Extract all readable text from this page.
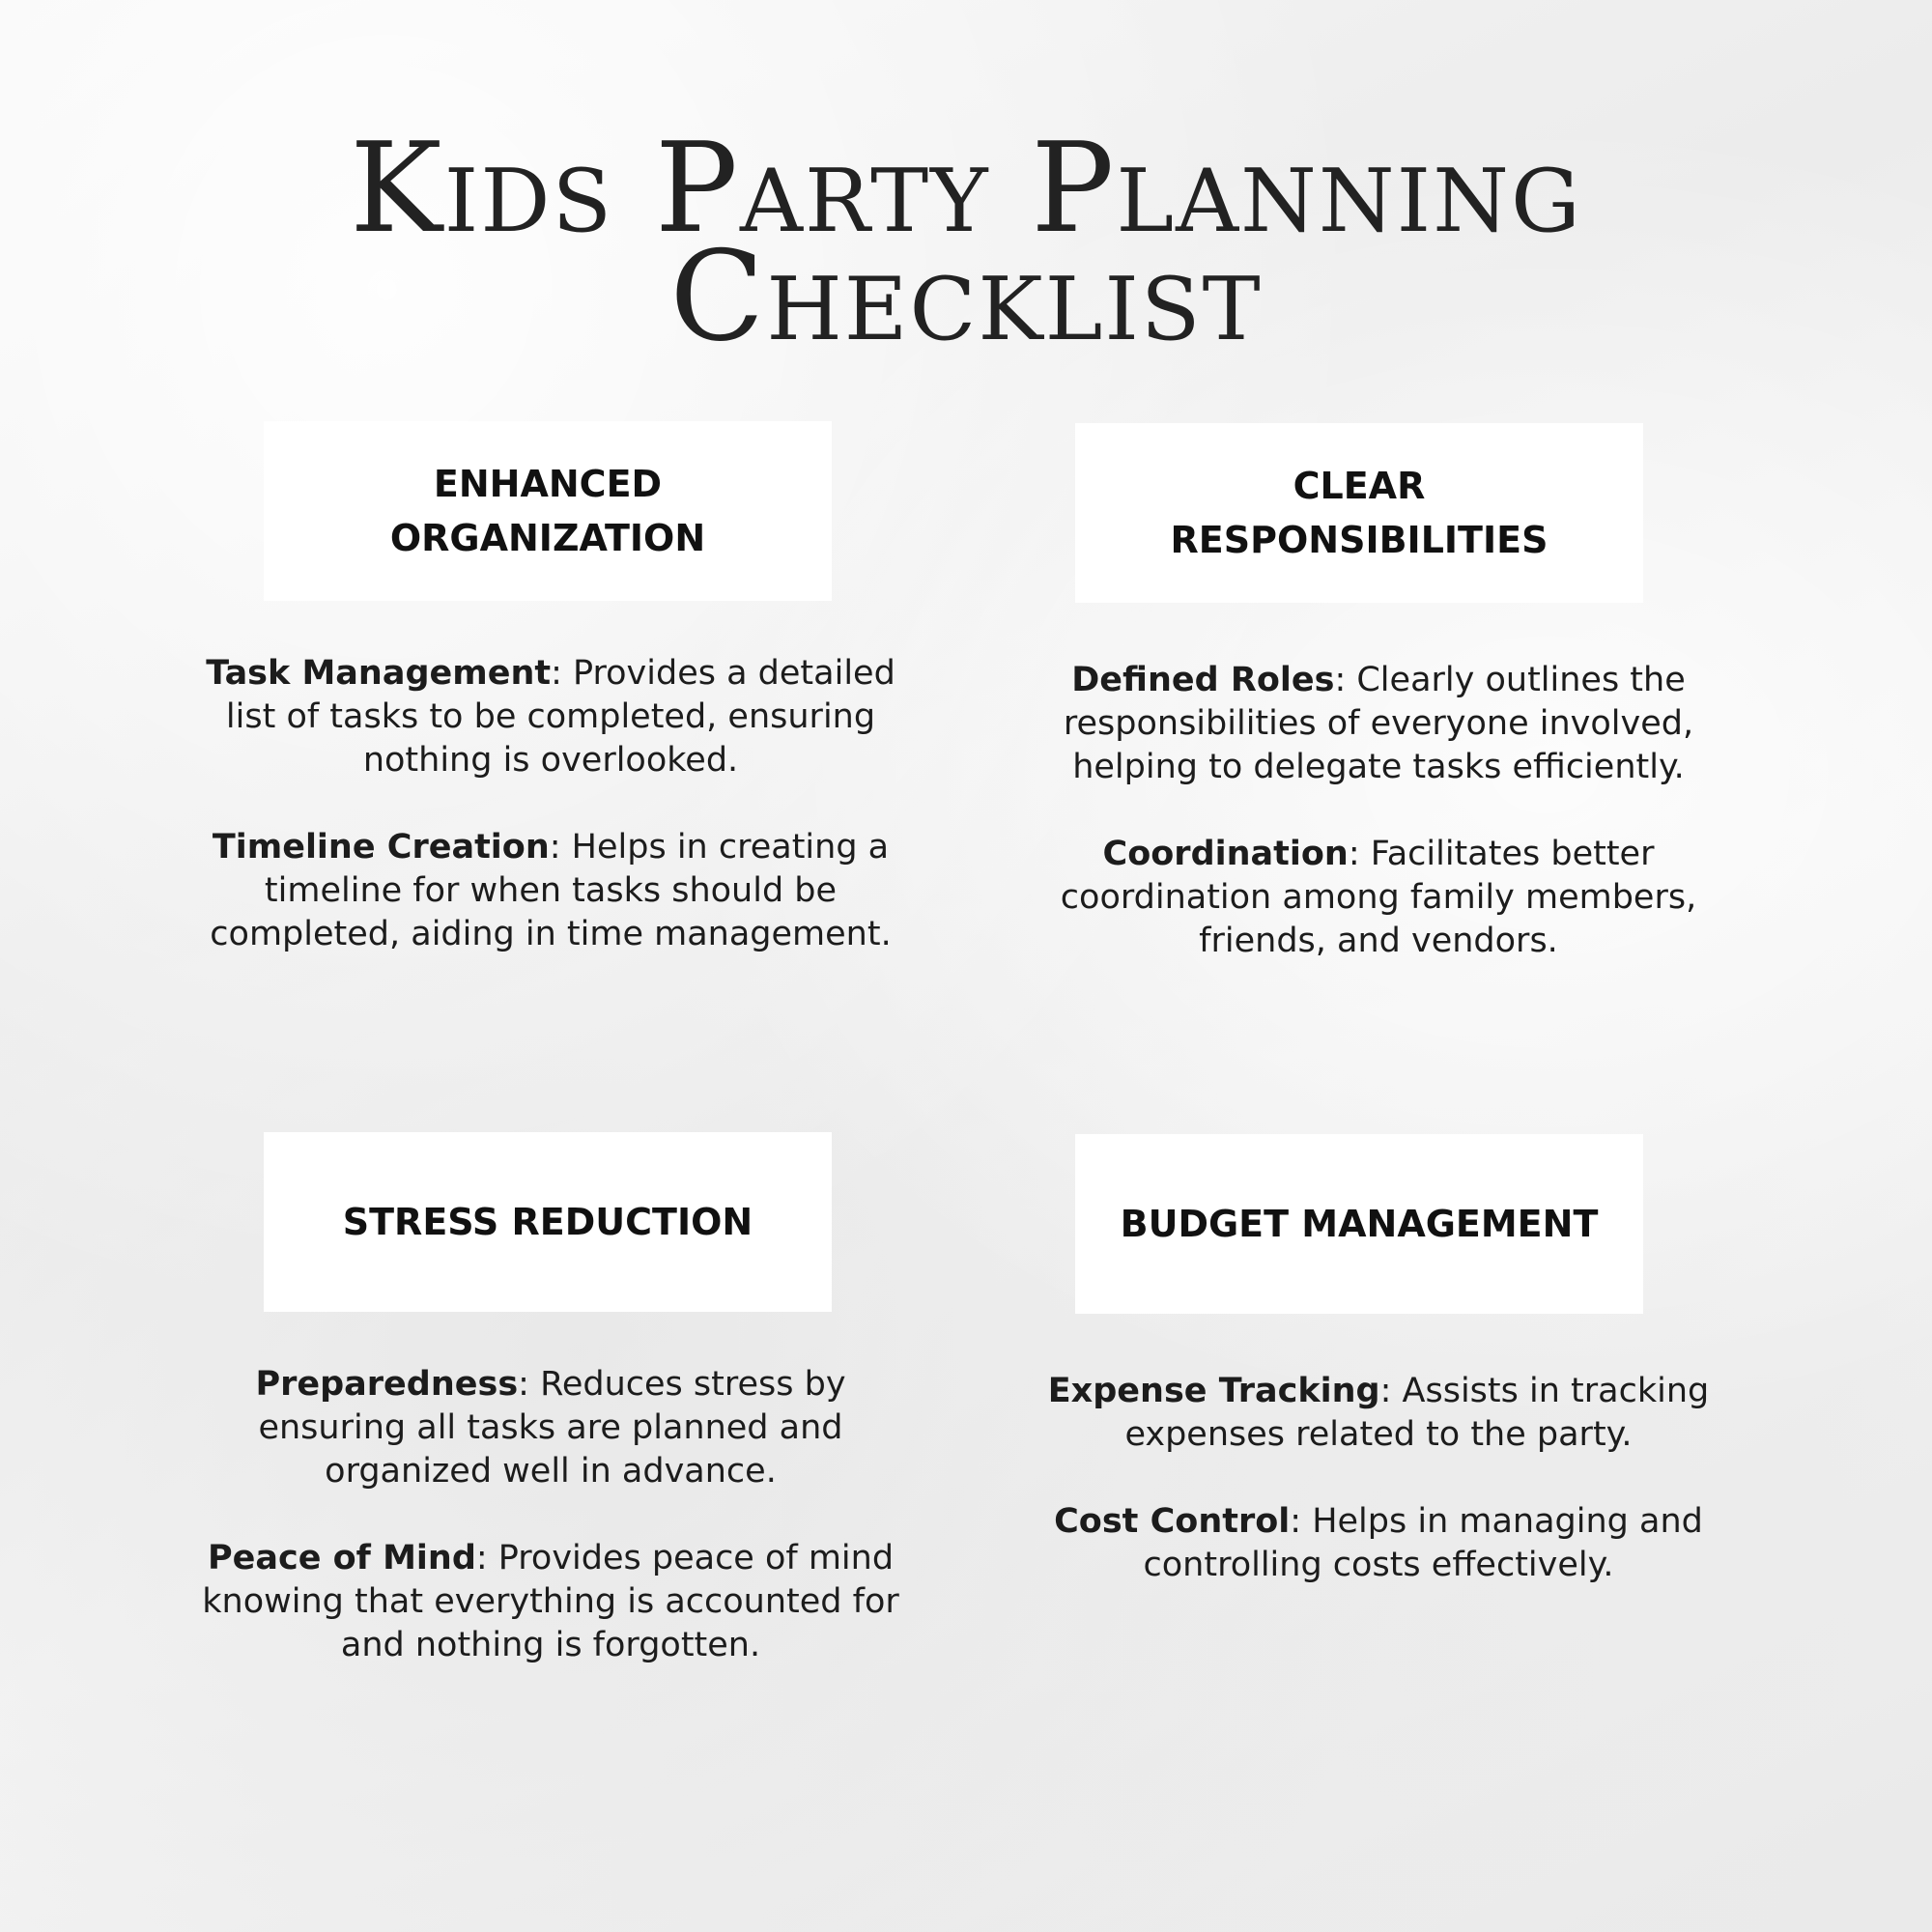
Kids Party Planning
Checklist
ENHANCED
ORGANIZATION

Task Management: Provides a detailed list of tasks to be completed, ensuring nothing is overlooked.

Timeline Creation: Helps in creating a timeline for when tasks should be completed, aiding in time management.

CLEAR
RESPONSIBILITIES

Defined Roles: Clearly outlines the responsibilities of everyone involved, helping to delegate tasks efficiently.

Coordination: Facilitates better coordination among family members, friends, and vendors.

STRESS REDUCTION

Preparedness: Reduces stress by ensuring all tasks are planned and organized well in advance.

Peace of Mind: Provides peace of mind knowing that everything is accounted for and nothing is forgotten.

BUDGET MANAGEMENT

Expense Tracking: Assists in tracking expenses related to the party.

Cost Control: Helps in managing and controlling costs effectively.
